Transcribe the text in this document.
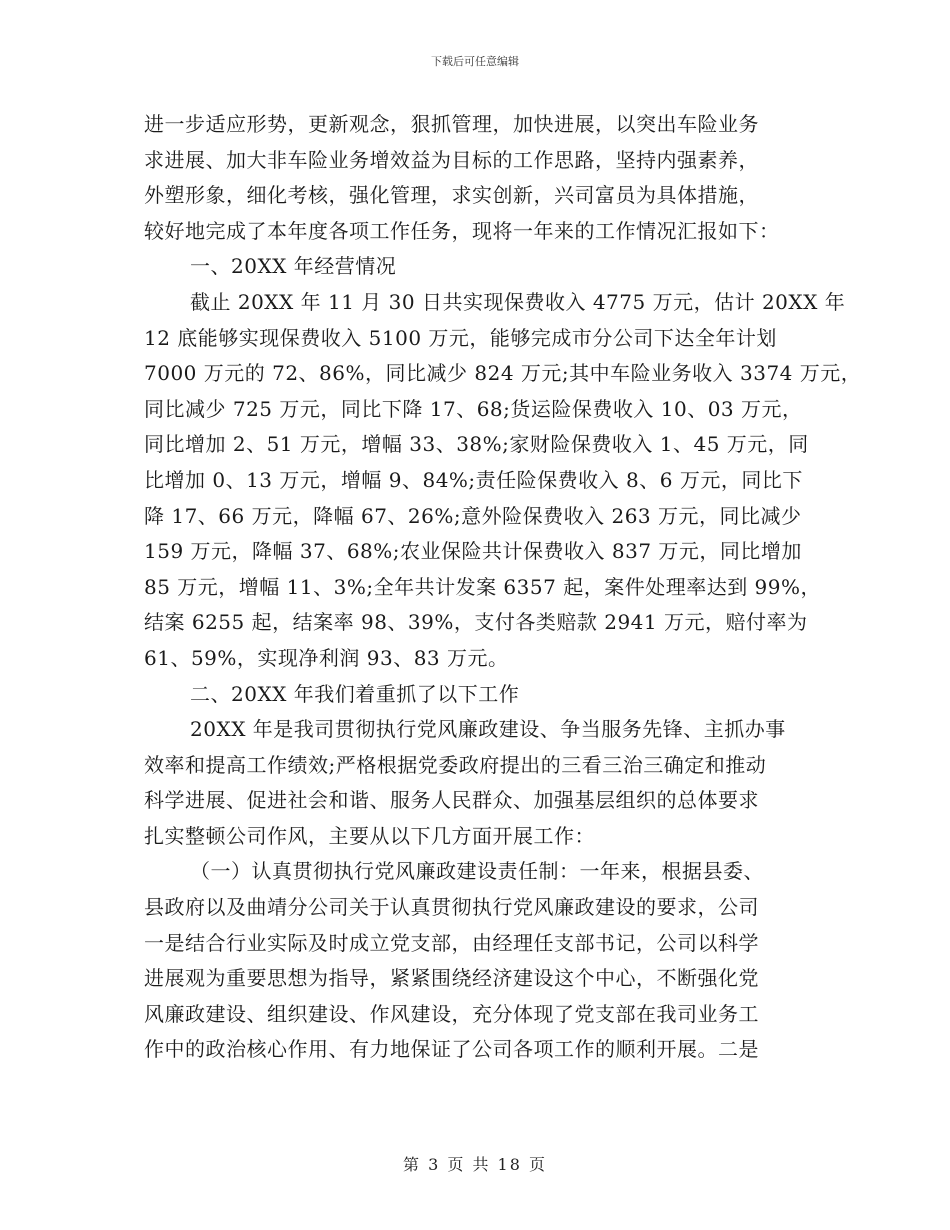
下载后可任意编辑
进一步适应形势，更新观念，狠抓管理，加快进展，以突出车险业务
求进展、加大非车险业务增效益为目标的工作思路，坚持内强素养，
外塑形象，细化考核，强化管理，求实创新，兴司富员为具体措施，
较好地完成了本年度各项工作任务，现将一年来的工作情况汇报如下：
一、20XX 年经营情况
截止 20XX 年 11 月 30 日共实现保费收入 4775 万元，估计 20XX 年
12 底能够实现保费收入 5100 万元，能够完成市分公司下达全年计划
7000 万元的 72、86%，同比减少 824 万元;其中车险业务收入 3374 万元，
同比减少 725 万元，同比下降 17、68;货运险保费收入 10、03 万元，
同比增加 2、51 万元，增幅 33、38%;家财险保费收入 1、45 万元，同
比增加 0、13 万元，增幅 9、84%;责任险保费收入 8、6 万元，同比下
降 17、66 万元，降幅 67、26%;意外险保费收入 263 万元，同比减少
159 万元，降幅 37、68%;农业保险共计保费收入 837 万元，同比增加
85 万元，增幅 11、3%;全年共计发案 6357 起，案件处理率达到 99%，
结案 6255 起，结案率 98、39%，支付各类赔款 2941 万元，赔付率为
61、59%，实现净利润 93、83 万元。
二、20XX 年我们着重抓了以下工作
20XX 年是我司贯彻执行党风廉政建设、争当服务先锋、主抓办事
效率和提高工作绩效;严格根据党委政府提出的三看三治三确定和推动
科学进展、促进社会和谐、服务人民群众、加强基层组织的总体要求
扎实整顿公司作风，主要从以下几方面开展工作：
（一）认真贯彻执行党风廉政建设责任制：一年来，根据县委、
县政府以及曲靖分公司关于认真贯彻执行党风廉政建设的要求，公司
一是结合行业实际及时成立党支部，由经理任支部书记，公司以科学
进展观为重要思想为指导，紧紧围绕经济建设这个中心，不断强化党
风廉政建设、组织建设、作风建设，充分体现了党支部在我司业务工
作中的政治核心作用、有力地保证了公司各项工作的顺利开展。二是
第 3 页 共 18 页
